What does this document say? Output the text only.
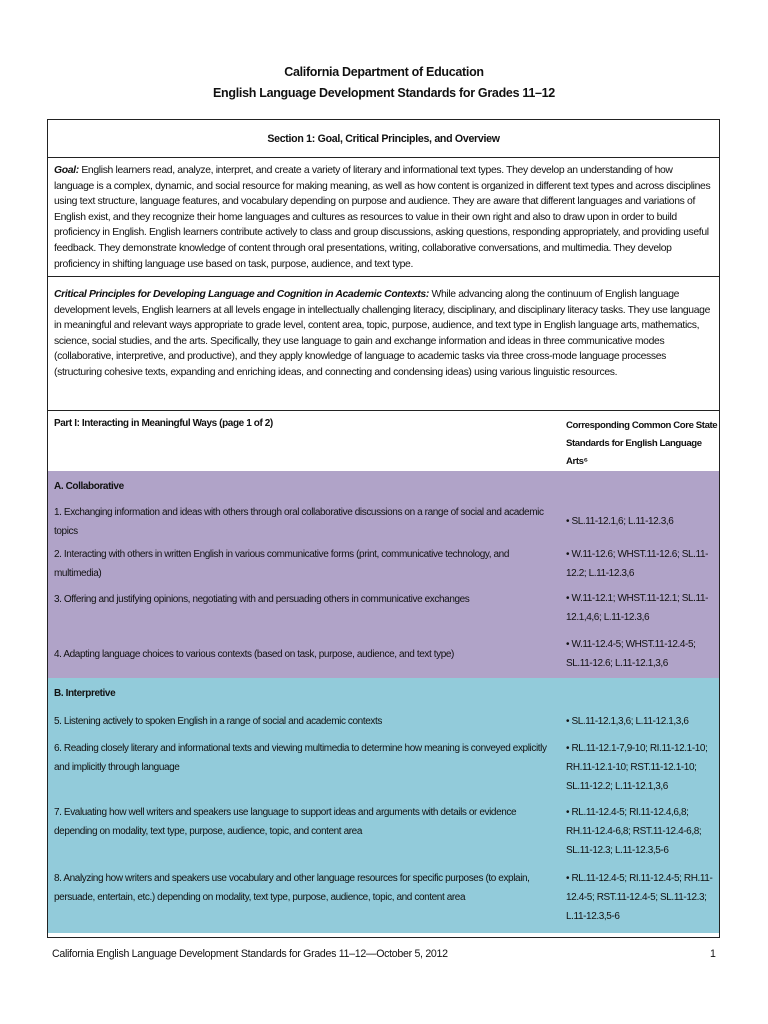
California Department of Education
English Language Development Standards for Grades 11–12
Section 1: Goal, Critical Principles, and Overview
Goal: English learners read, analyze, interpret, and create a variety of literary and informational text types. They develop an understanding of how language is a complex, dynamic, and social resource for making meaning, as well as how content is organized in different text types and across disciplines using text structure, language features, and vocabulary depending on purpose and audience. They are aware that different languages and variations of English exist, and they recognize their home languages and cultures as resources to value in their own right and also to draw upon in order to build proficiency in English. English learners contribute actively to class and group discussions, asking questions, responding appropriately, and providing useful feedback. They demonstrate knowledge of content through oral presentations, writing, collaborative conversations, and multimedia. They develop proficiency in shifting language use based on task, purpose, audience, and text type.
Critical Principles for Developing Language and Cognition in Academic Contexts: While advancing along the continuum of English language development levels, English learners at all levels engage in intellectually challenging literacy, disciplinary, and disciplinary literacy tasks. They use language in meaningful and relevant ways appropriate to grade level, content area, topic, purpose, audience, and text type in English language arts, mathematics, science, social studies, and the arts. Specifically, they use language to gain and exchange information and ideas in three communicative modes (collaborative, interpretive, and productive), and they apply knowledge of language to academic tasks via three cross-mode language processes (structuring cohesive texts, expanding and enriching ideas, and connecting and condensing ideas) using various linguistic resources.
Part I: Interacting in Meaningful Ways (page 1 of 2)	Corresponding Common Core State Standards for English Language Arts⁶
A. Collaborative	
1. Exchanging information and ideas with others through oral collaborative discussions on a range of social and academic topics	• SL.11-12.1,6; L.11-12.3,6
2. Interacting with others in written English in various communicative forms (print, communicative technology, and multimedia)	• W.11-12.6; WHST.11-12.6; SL.11-12.2; L.11-12.3,6
3. Offering and justifying opinions, negotiating with and persuading others in communicative exchanges	• W.11-12.1; WHST.11-12.1; SL.11-12.1,4,6; L.11-12.3,6
4. Adapting language choices to various contexts (based on task, purpose, audience, and text type)	• W.11-12.4-5; WHST.11-12.4-5; SL.11-12.6; L.11-12.1,3,6
B. Interpretive	
5. Listening actively to spoken English in a range of social and academic contexts	• SL.11-12.1,3,6; L.11-12.1,3,6
6. Reading closely literary and informational texts and viewing multimedia to determine how meaning is conveyed explicitly and implicitly through language	• RL.11-12.1-7,9-10; RI.11-12.1-10; RH.11-12.1-10; RST.11-12.1-10; SL.11-12.2; L.11-12.1,3,6
7. Evaluating how well writers and speakers use language to support ideas and arguments with details or evidence depending on modality, text type, purpose, audience, topic, and content area	• RL.11-12.4-5; RI.11-12.4,6,8; RH.11-12.4-6,8; RST.11-12.4-6,8; SL.11-12.3; L.11-12.3,5-6
8. Analyzing how writers and speakers use vocabulary and other language resources for specific purposes (to explain, persuade, entertain, etc.) depending on modality, text type, purpose, audience, topic, and content area	• RL.11-12.4-5; RI.11-12.4-5; RH.11-12.4-5; RST.11-12.4-5; SL.11-12.3; L.11-12.3,5-6
California English Language Development Standards for Grades 11–12—October 5, 2012	1
